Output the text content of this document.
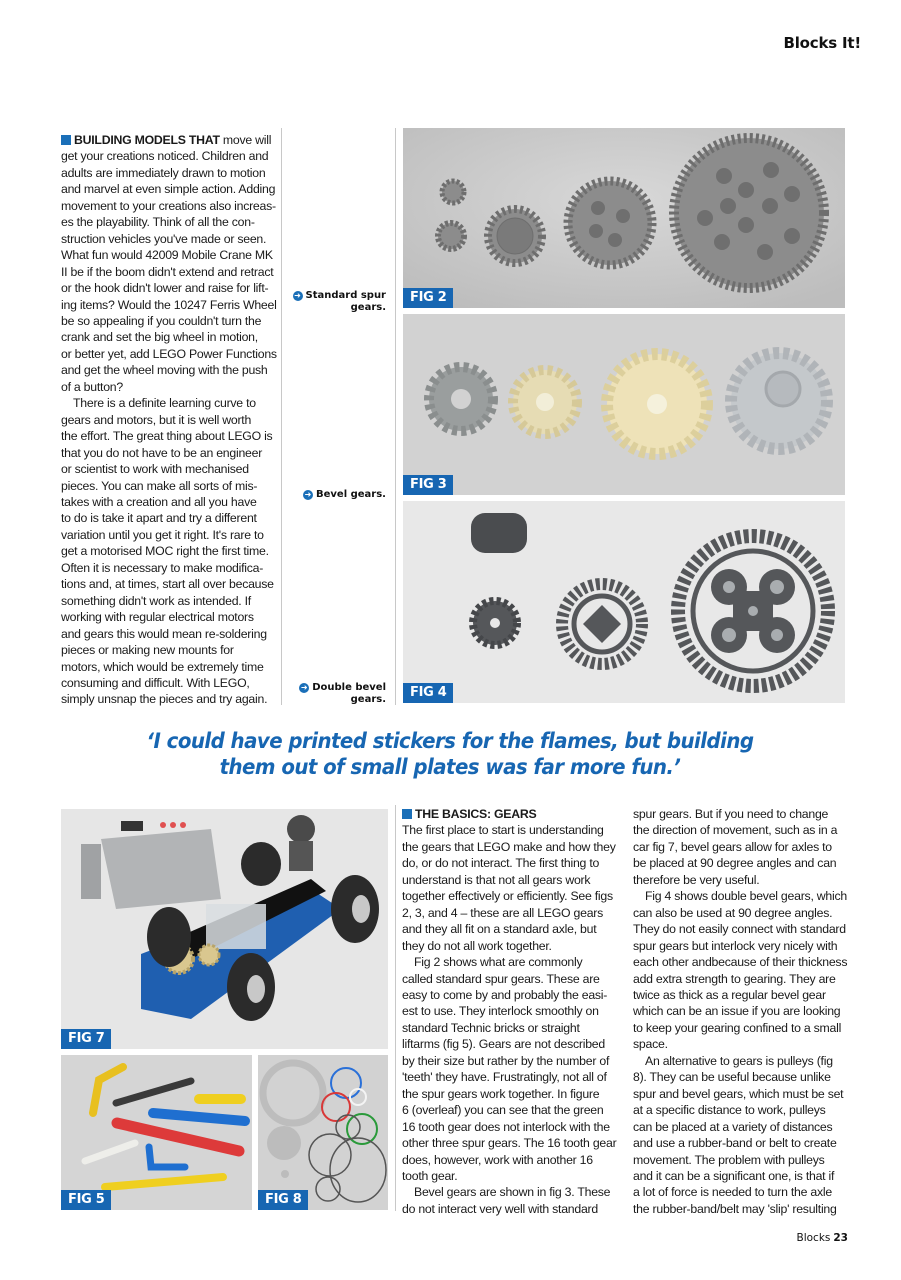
Blocks It!
BUILDING MODELS THAT move will
get your creations noticed. Children and
adults are immediately drawn to motion
and marvel at even simple action. Adding
movement to your creations also increas-
es the playability. Think of all the con-
struction vehicles you've made or seen.
What fun would 42009 Mobile Crane MK
II be if the boom didn't extend and retract
or the hook didn't lower and raise for lift-
ing items? Would the 10247 Ferris Wheel
be so appealing if you couldn't turn the
crank and set the big wheel in motion,
or better yet, add LEGO Power Functions
and get the wheel moving with the push
of a button?
There is a definite learning curve to
gears and motors, but it is well worth
the effort. The great thing about LEGO is
that you do not have to be an engineer
or scientist to work with mechanised
pieces. You can make all sorts of mis-
takes with a creation and all you have
to do is take it apart and try a different
variation until you get it right. It's rare to
get a motorised MOC right the first time.
Often it is necessary to make modifica-
tions and, at times, start all over because
something didn't work as intended. If
working with regular electrical motors
and gears this would mean re-soldering
pieces or making new mounts for
motors, which would be extremely time
consuming and difficult. With LEGO,
simply unsnap the pieces and try again.
➜ Standard spur
gears.
➜ Bevel gears.
➜ Double bevel
gears.
FIG 2
FIG 3
FIG 4
‘I could have printed stickers for the flames, but building
them out of small plates was far more fun.’
FIG 7
FIG 5	FIG 8
THE BASICS: GEARS
The first place to start is understanding
the gears that LEGO make and how they
do, or do not interact. The first thing to
understand is that not all gears work
together effectively or efficiently. See figs
2, 3, and 4 – these are all LEGO gears
and they all fit on a standard axle, but
they do not all work together.
Fig 2 shows what are commonly
called standard spur gears. These are
easy to come by and probably the easi-
est to use. They interlock smoothly on
standard Technic bricks or straight
liftarms (fig 5). Gears are not described
by their size but rather by the number of
'teeth' they have. Frustratingly, not all of
the spur gears work together. In figure
6 (overleaf) you can see that the green
16 tooth gear does not interlock with the
other three spur gears. The 16 tooth gear
does, however, work with another 16
tooth gear.
Bevel gears are shown in fig 3. These
do not interact very well with standard
spur gears. But if you need to change
the direction of movement, such as in a
car fig 7, bevel gears allow for axles to
be placed at 90 degree angles and can
therefore be very useful.
Fig 4 shows double bevel gears, which
can also be used at 90 degree angles.
They do not easily connect with standard
spur gears but interlock very nicely with
each other andbecause of their thickness
add extra strength to gearing. They are
twice as thick as a regular bevel gear
which can be an issue if you are looking
to keep your gearing confined to a small
space.
An alternative to gears is pulleys (fig
8). They can be useful because unlike
spur and bevel gears, which must be set
at a specific distance to work, pulleys
can be placed at a variety of distances
and use a rubber-band or belt to create
movement. The problem with pulleys
and it can be a significant one, is that if
a lot of force is needed to turn the axle
the rubber-band/belt may 'slip' resulting
Blocks 23
